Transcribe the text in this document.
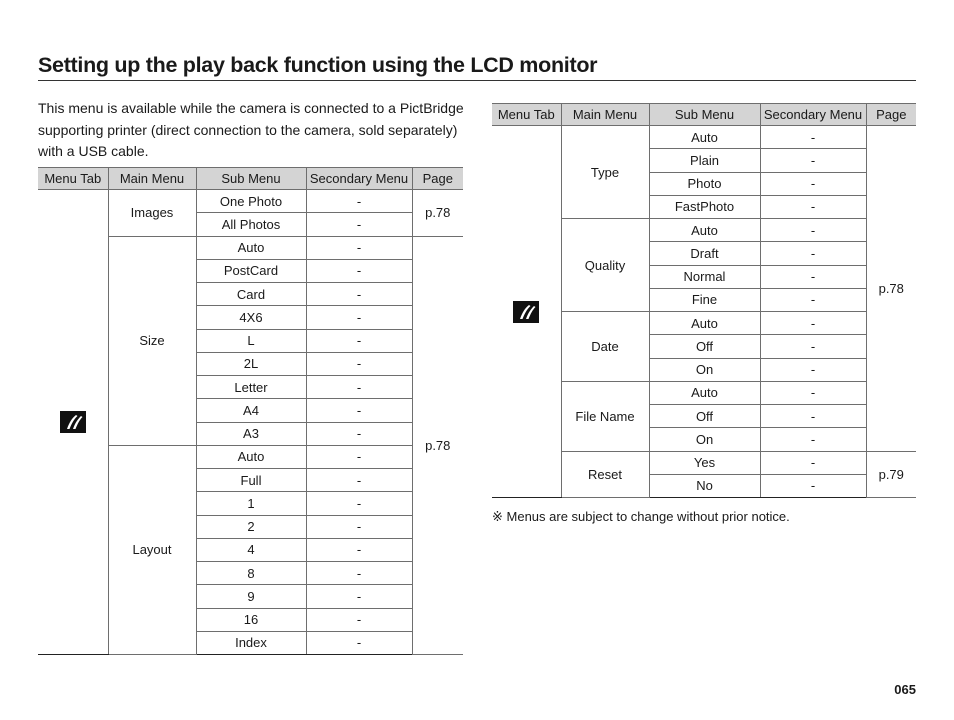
Setting up the play back function using the LCD monitor

This menu is available while the camera is connected to a PictBridge supporting printer (direct connection to the camera, sold separately) with a USB cable.

Menu Tab	Main Menu	Sub Menu	Secondary Menu	Page

	Images	One Photo	-	p.78
		All Photos	-	
	Size	Auto	-	p.78
		PostCard	-	
		Card	-	
		4X6	-	
		L	-	
		2L	-	
		Letter	-	
		A4	-	
		A3	-	
	Layout	Auto	-	
		Full	-	
		1	-	
		2	-	
		4	-	
		8	-	
		9	-	
		16	-	
		Index	-	
Menu Tab	Main Menu	Sub Menu	Secondary Menu	Page

	Type	Auto	-	p.78
		Plain	-	
		Photo	-	
		FastPhoto	-	
	Quality	Auto	-	
		Draft	-	
		Normal	-	
		Fine	-	
	Date	Auto	-	
		Off	-	
		On	-	
	File Name	Auto	-	
		Off	-	
		On	-	
	Reset	Yes	-	p.79
		No	-	

※ Menus are subject to change without prior notice.

065
